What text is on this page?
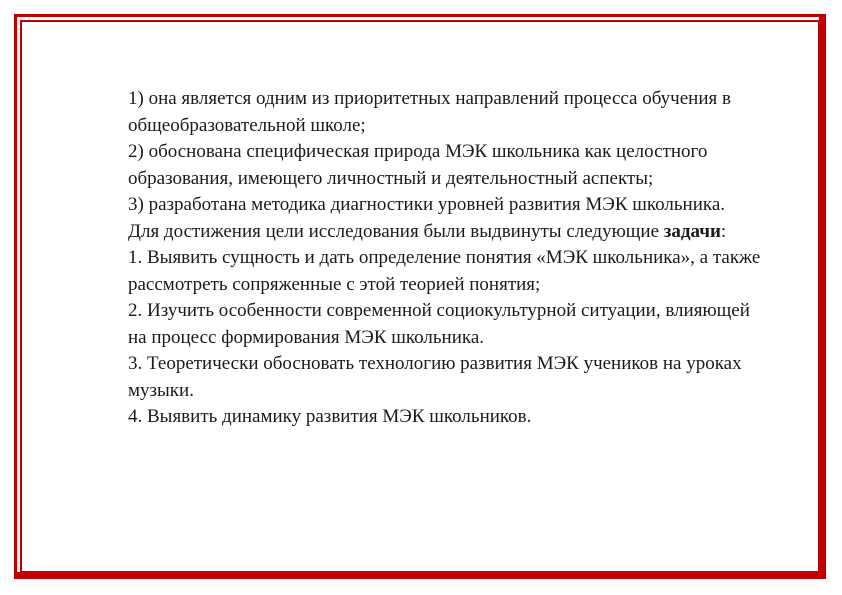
1) она является одним из приоритетных направлений процесса обучения в общеобразовательной школе;

2) обоснована специфическая природа МЭК школьника как целостного образования, имеющего личностный и деятельностный аспекты;

3) разработана методика диагностики уровней развития МЭК школьника.

Для достижения цели исследования были выдвинуты следующие задачи:

1. Выявить сущность и дать определение понятия «МЭК школьника», а также рассмотреть сопряженные с этой теорией понятия;

2. Изучить особенности современной социокультурной ситуации, влияющей на процесс формирования МЭК школьника.

3. Теоретически обосновать технологию развития МЭК учеников на уроках музыки.

4. Выявить динамику развития МЭК школьников.
